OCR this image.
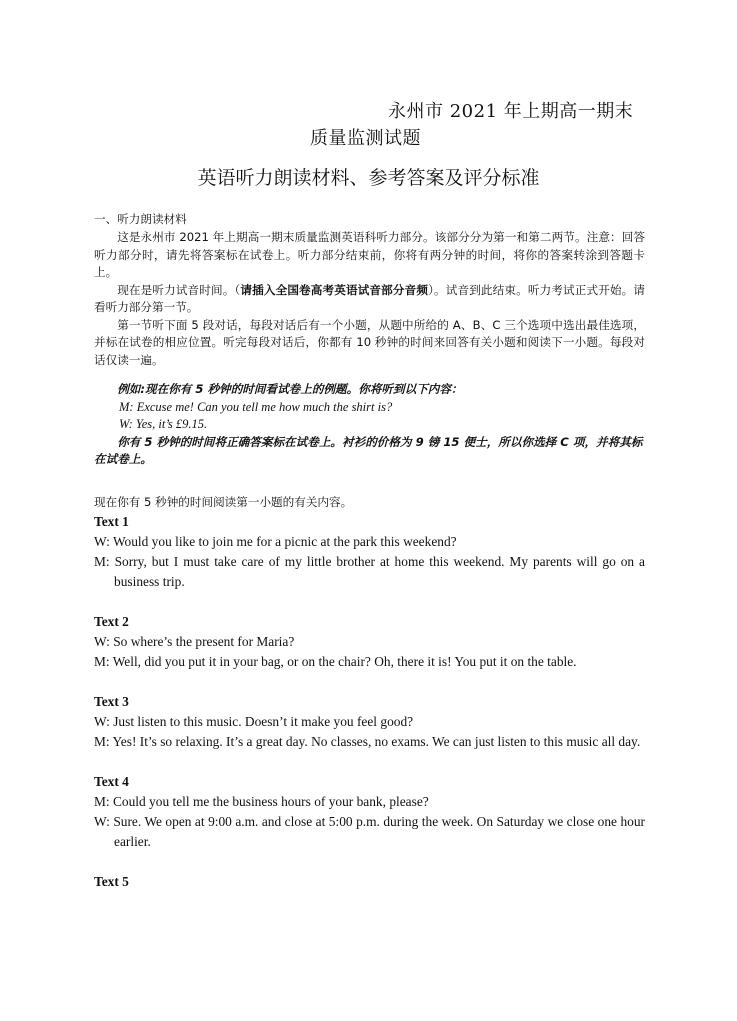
永州市 2021 年上期高一期末
质量监测试题
英语听力朗读材料、参考答案及评分标准
一、听力朗读材料

这是永州市 2021 年上期高一期末质量监测英语科听力部分。该部分分为第一和第二两节。注意：回答听力部分时，请先将答案标在试卷上。听力部分结束前，你将有两分钟的时间，将你的答案转涂到答题卡上。

现在是听力试音时间。（请插入全国卷高考英语试音部分音频）。试音到此结束。听力考试正式开始。请看听力部分第一节。

第一节听下面 5 段对话，每段对话后有一个小题，从题中所给的 A、B、C 三个选项中选出最佳选项，并标在试卷的相应位置。听完每段对话后，你都有 10 秒钟的时间来回答有关小题和阅读下一小题。每段对话仅读一遍。

例如:现在你有 5 秒钟的时间看试卷上的例题。你将听到以下内容：

M: Excuse me! Can you tell me how much the shirt is?

W: Yes, it’s £9.15.

你有 5 秒钟的时间将正确答案标在试卷上。衬衫的价格为 9 镑 15 便士，所以你选择 C 项，并将其标在试卷上。

现在你有 5 秒钟的时间阅读第一小题的有关内容。

Text 1

W: Would you like to join me for a picnic at the park this weekend?

M: Sorry, but I must take care of my little brother at home this weekend. My parents will go on a business trip.

Text 2

W: So where’s the present for Maria?

M: Well, did you put it in your bag, or on the chair? Oh, there it is! You put it on the table.

Text 3

W: Just listen to this music. Doesn’t it make you feel good?

M: Yes! It’s so relaxing. It’s a great day. No classes, no exams. We can just listen to this music all day.

Text 4

M: Could you tell me the business hours of your bank, please?

W: Sure. We open at 9:00 a.m. and close at 5:00 p.m. during the week. On Saturday we close one hour earlier.

Text 5
